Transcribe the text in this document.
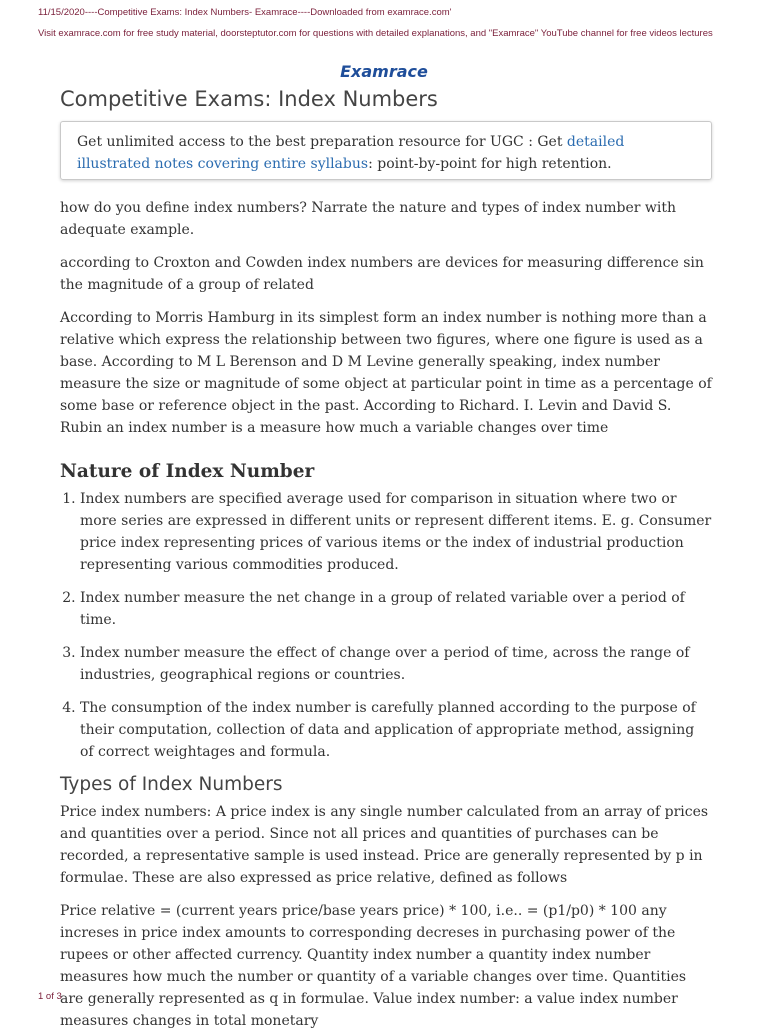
11/15/2020----Competitive Exams: Index Numbers- Examrace----Downloaded from examrace.com'
Visit examrace.com for free study material, doorsteptutor.com for questions with detailed explanations, and "Examrace" YouTube channel for free videos lectures
Examrace
Competitive Exams: Index Numbers
Get unlimited access to the best preparation resource for UGC : Get detailed illustrated notes covering entire syllabus: point-by-point for high retention.

how do you define index numbers? Narrate the nature and types of index number with adequate example.

according to Croxton and Cowden index numbers are devices for measuring difference sin the magnitude of a group of related

According to Morris Hamburg in its simplest form an index number is nothing more than a relative which express the relationship between two figures, where one figure is used as a base. According to M L Berenson and D M Levine generally speaking, index number measure the size or magnitude of some object at particular point in time as a percentage of some base or reference object in the past. According to Richard. I. Levin and David S. Rubin an index number is a measure how much a variable changes over time

Nature of Index Number
1. Index numbers are specified average used for comparison in situation where two or more series are expressed in different units or represent different items. E. g. Consumer price index representing prices of various items or the index of industrial production representing various commodities produced.
2. Index number measure the net change in a group of related variable over a period of time.
3. Index number measure the effect of change over a period of time, across the range of industries, geographical regions or countries.
4. The consumption of the index number is carefully planned according to the purpose of their computation, collection of data and application of appropriate method, assigning of correct weightages and formula.
Types of Index Numbers

Price index numbers: A price index is any single number calculated from an array of prices and quantities over a period. Since not all prices and quantities of purchases can be recorded, a representative sample is used instead. Price are generally represented by p in formulae. These are also expressed as price relative, defined as follows

Price relative = (current years price/base years price) * 100, i.e.. = (p1/p0) * 100 any increses in price index amounts to corresponding decreses in purchasing power of the rupees or other affected currency. Quantity index number a quantity index number measures how much the number or quantity of a variable changes over time. Quantities are generally represented as q in formulae. Value index number: a value index number measures changes in total monetary

1 of 3
